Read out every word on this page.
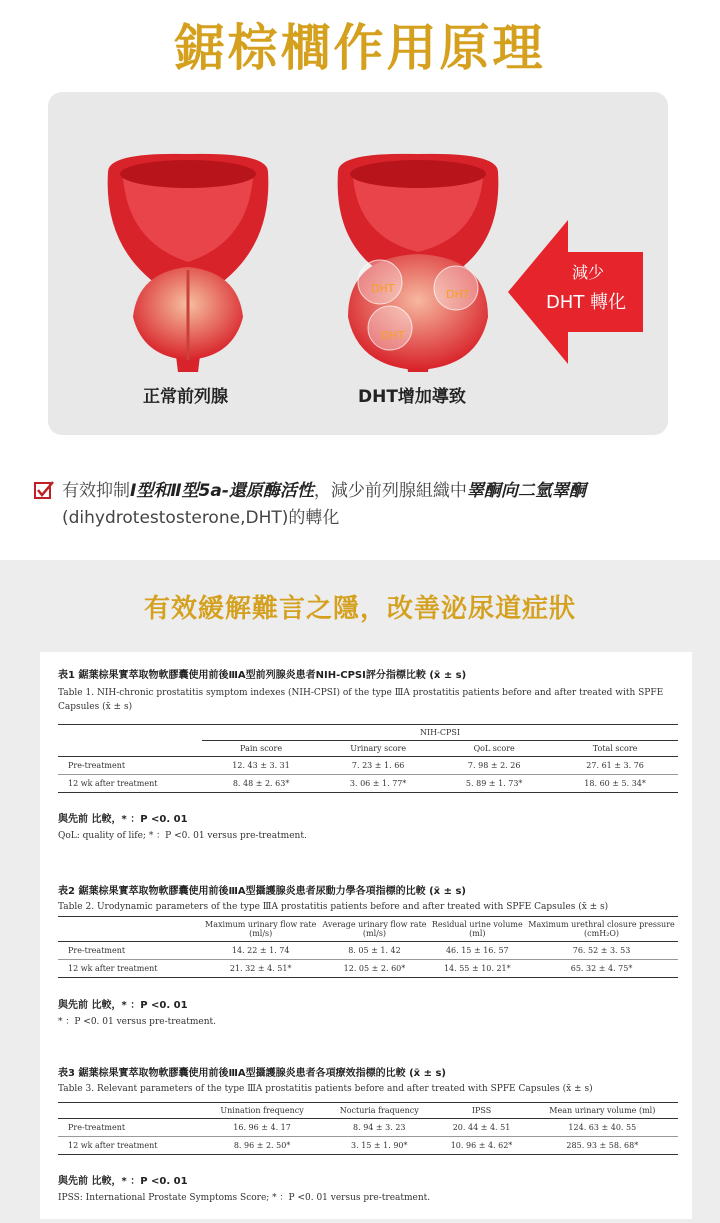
鋸棕櫚作用原理
正常前列腺
DHT	DHT
DHT
DHT增加導致
減少
DHT 轉化
有效抑制Ⅰ型和Ⅱ型5a-還原酶活性，減少前列腺組織中睪酮向二氫睪酮(dihydrotestosterone,DHT)的轉化
有效緩解難言之隱，改善泌尿道症狀
表1 鋸葉棕果實萃取物軟膠囊使用前後ⅢA型前列腺炎患者NIH-CPSI評分指標比較 (x̄ ± s)
Table 1. NIH-chronic prostatitis symptom indexes (NIH-CPSI) of the type ⅢA prostatitis patients before and after treated with SPFE Capsules (x̄ ± s)
	NIH-CPSI			
	Pain score	Urinary score	QoL score	Total score
Pre-treatment	12. 43 ± 3. 31	7. 23 ± 1. 66	7. 98 ± 2. 26	27. 61 ± 3. 76
12 wk after treatment	8. 48 ± 2. 63*	3. 06 ± 1. 77*	5. 89 ± 1. 73*	18. 60 ± 5. 34*
與先前 比較，* ：P <0. 01
QoL: quality of life; * ：P <0. 01 versus pre-treatment.
表2 鋸葉棕果實萃取物軟膠囊使用前後ⅢA型攝護腺炎患者尿動力學各項指標的比較 (x̄ ± s)
Table 2. Urodynamic parameters of the type ⅢA prostatitis patients before and after treated with SPFE Capsules (x̄ ± s)
	Maximum urinary flow rate (ml/s)	Average urinary flow rate (ml/s)	Residual urine volume (ml)	Maximum urethral closure pressure (cmH₂O)
Pre-treatment	14. 22 ± 1. 74	8. 05 ± 1. 42	46. 15 ± 16. 57	76. 52 ± 3. 53
12 wk after treatment	21. 32 ± 4. 51*	12. 05 ± 2. 60*	14. 55 ± 10. 21*	65. 32 ± 4. 75*
與先前 比較，* ：P <0. 01
* ：P <0. 01 versus pre-treatment.
表3 鋸葉棕果實萃取物軟膠囊使用前後ⅢA型攝護腺炎患者各項療效指標的比較 (x̄ ± s)
Table 3. Relevant parameters of the type ⅢA prostatitis patients before and after treated with SPFE Capsules (x̄ ± s)
	Unination frequency	Nocturia fraquency	IPSS	Mean urinary volume (ml)
Pre-treatment	16. 96 ± 4. 17	8. 94 ± 3. 23	20. 44 ± 4. 51	124. 63 ± 40. 55
12 wk after treatment	8. 96 ± 2. 50*	3. 15 ± 1. 90*	10. 96 ± 4. 62*	285. 93 ± 58. 68*
與先前 比較，* ：P <0. 01
IPSS: International Prostate Symptoms Score; * ：P <0. 01 versus pre-treatment.
